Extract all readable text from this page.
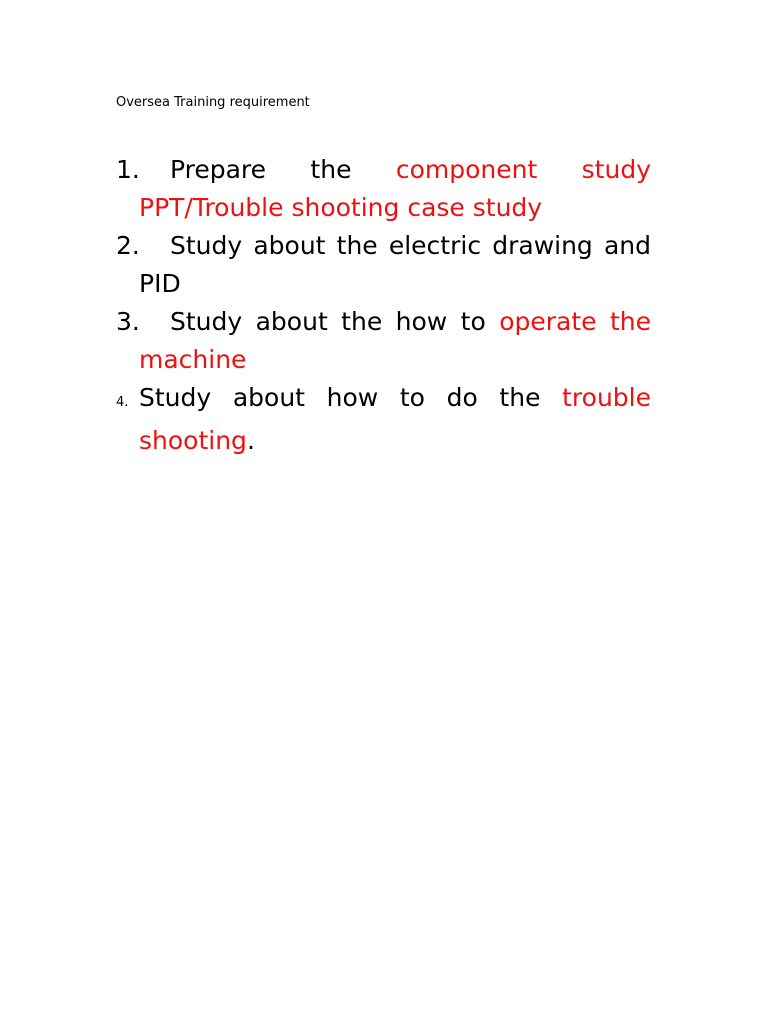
Oversea Training requirement
1. Prepare the component study PPT/Trouble shooting case study
2. Study about the electric drawing and PID
3. Study about the how to operate the machine
4. Study about how to do the trouble shooting.
